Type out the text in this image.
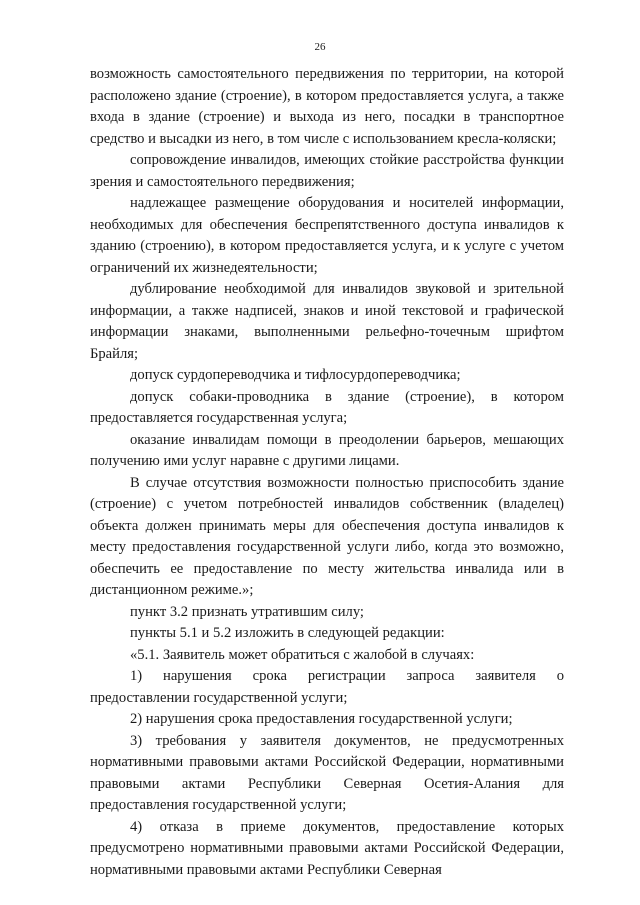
26

возможность самостоятельного передвижения по территории, на которой расположено здание (строение), в котором предоставляется услуга, а также входа в здание (строение) и выхода из него, посадки в транспортное средство и высадки из него, в том числе с использованием кресла-коляски;

сопровождение инвалидов, имеющих стойкие расстройства функции зрения и самостоятельного передвижения;

надлежащее размещение оборудования и носителей информации, необходимых для обеспечения беспрепятственного доступа инвалидов к зданию (строению), в котором предоставляется услуга, и к услуге с учетом ограничений их жизнедеятельности;

дублирование необходимой для инвалидов звуковой и зрительной информации, а также надписей, знаков и иной текстовой и графической информации знаками, выполненными рельефно-точечным шрифтом Брайля;

допуск сурдопереводчика и тифлосурдопереводчика;

допуск собаки-проводника в здание (строение), в котором предоставляется государственная услуга;

оказание инвалидам помощи в преодолении барьеров, мешающих получению ими услуг наравне с другими лицами.

В случае отсутствия возможности полностью приспособить здание (строение) с учетом потребностей инвалидов собственник (владелец) объекта должен принимать меры для обеспечения доступа инвалидов к месту предоставления государственной услуги либо, когда это возможно, обеспечить ее предоставление по месту жительства инвалида или в дистанционном режиме.»;

пункт 3.2 признать утратившим силу;

пункты 5.1 и 5.2 изложить в следующей редакции:

«5.1. Заявитель может обратиться с жалобой в случаях:

1) нарушения срока регистрации запроса заявителя о предоставлении государственной услуги;

2) нарушения срока предоставления государственной услуги;

3) требования у заявителя документов, не предусмотренных нормативными правовыми актами Российской Федерации, нормативными правовыми актами Республики Северная Осетия-Алания для предоставления государственной услуги;

4) отказа в приеме документов, предоставление которых предусмотрено нормативными правовыми актами Российской Федерации, нормативными правовыми актами Республики Северная
